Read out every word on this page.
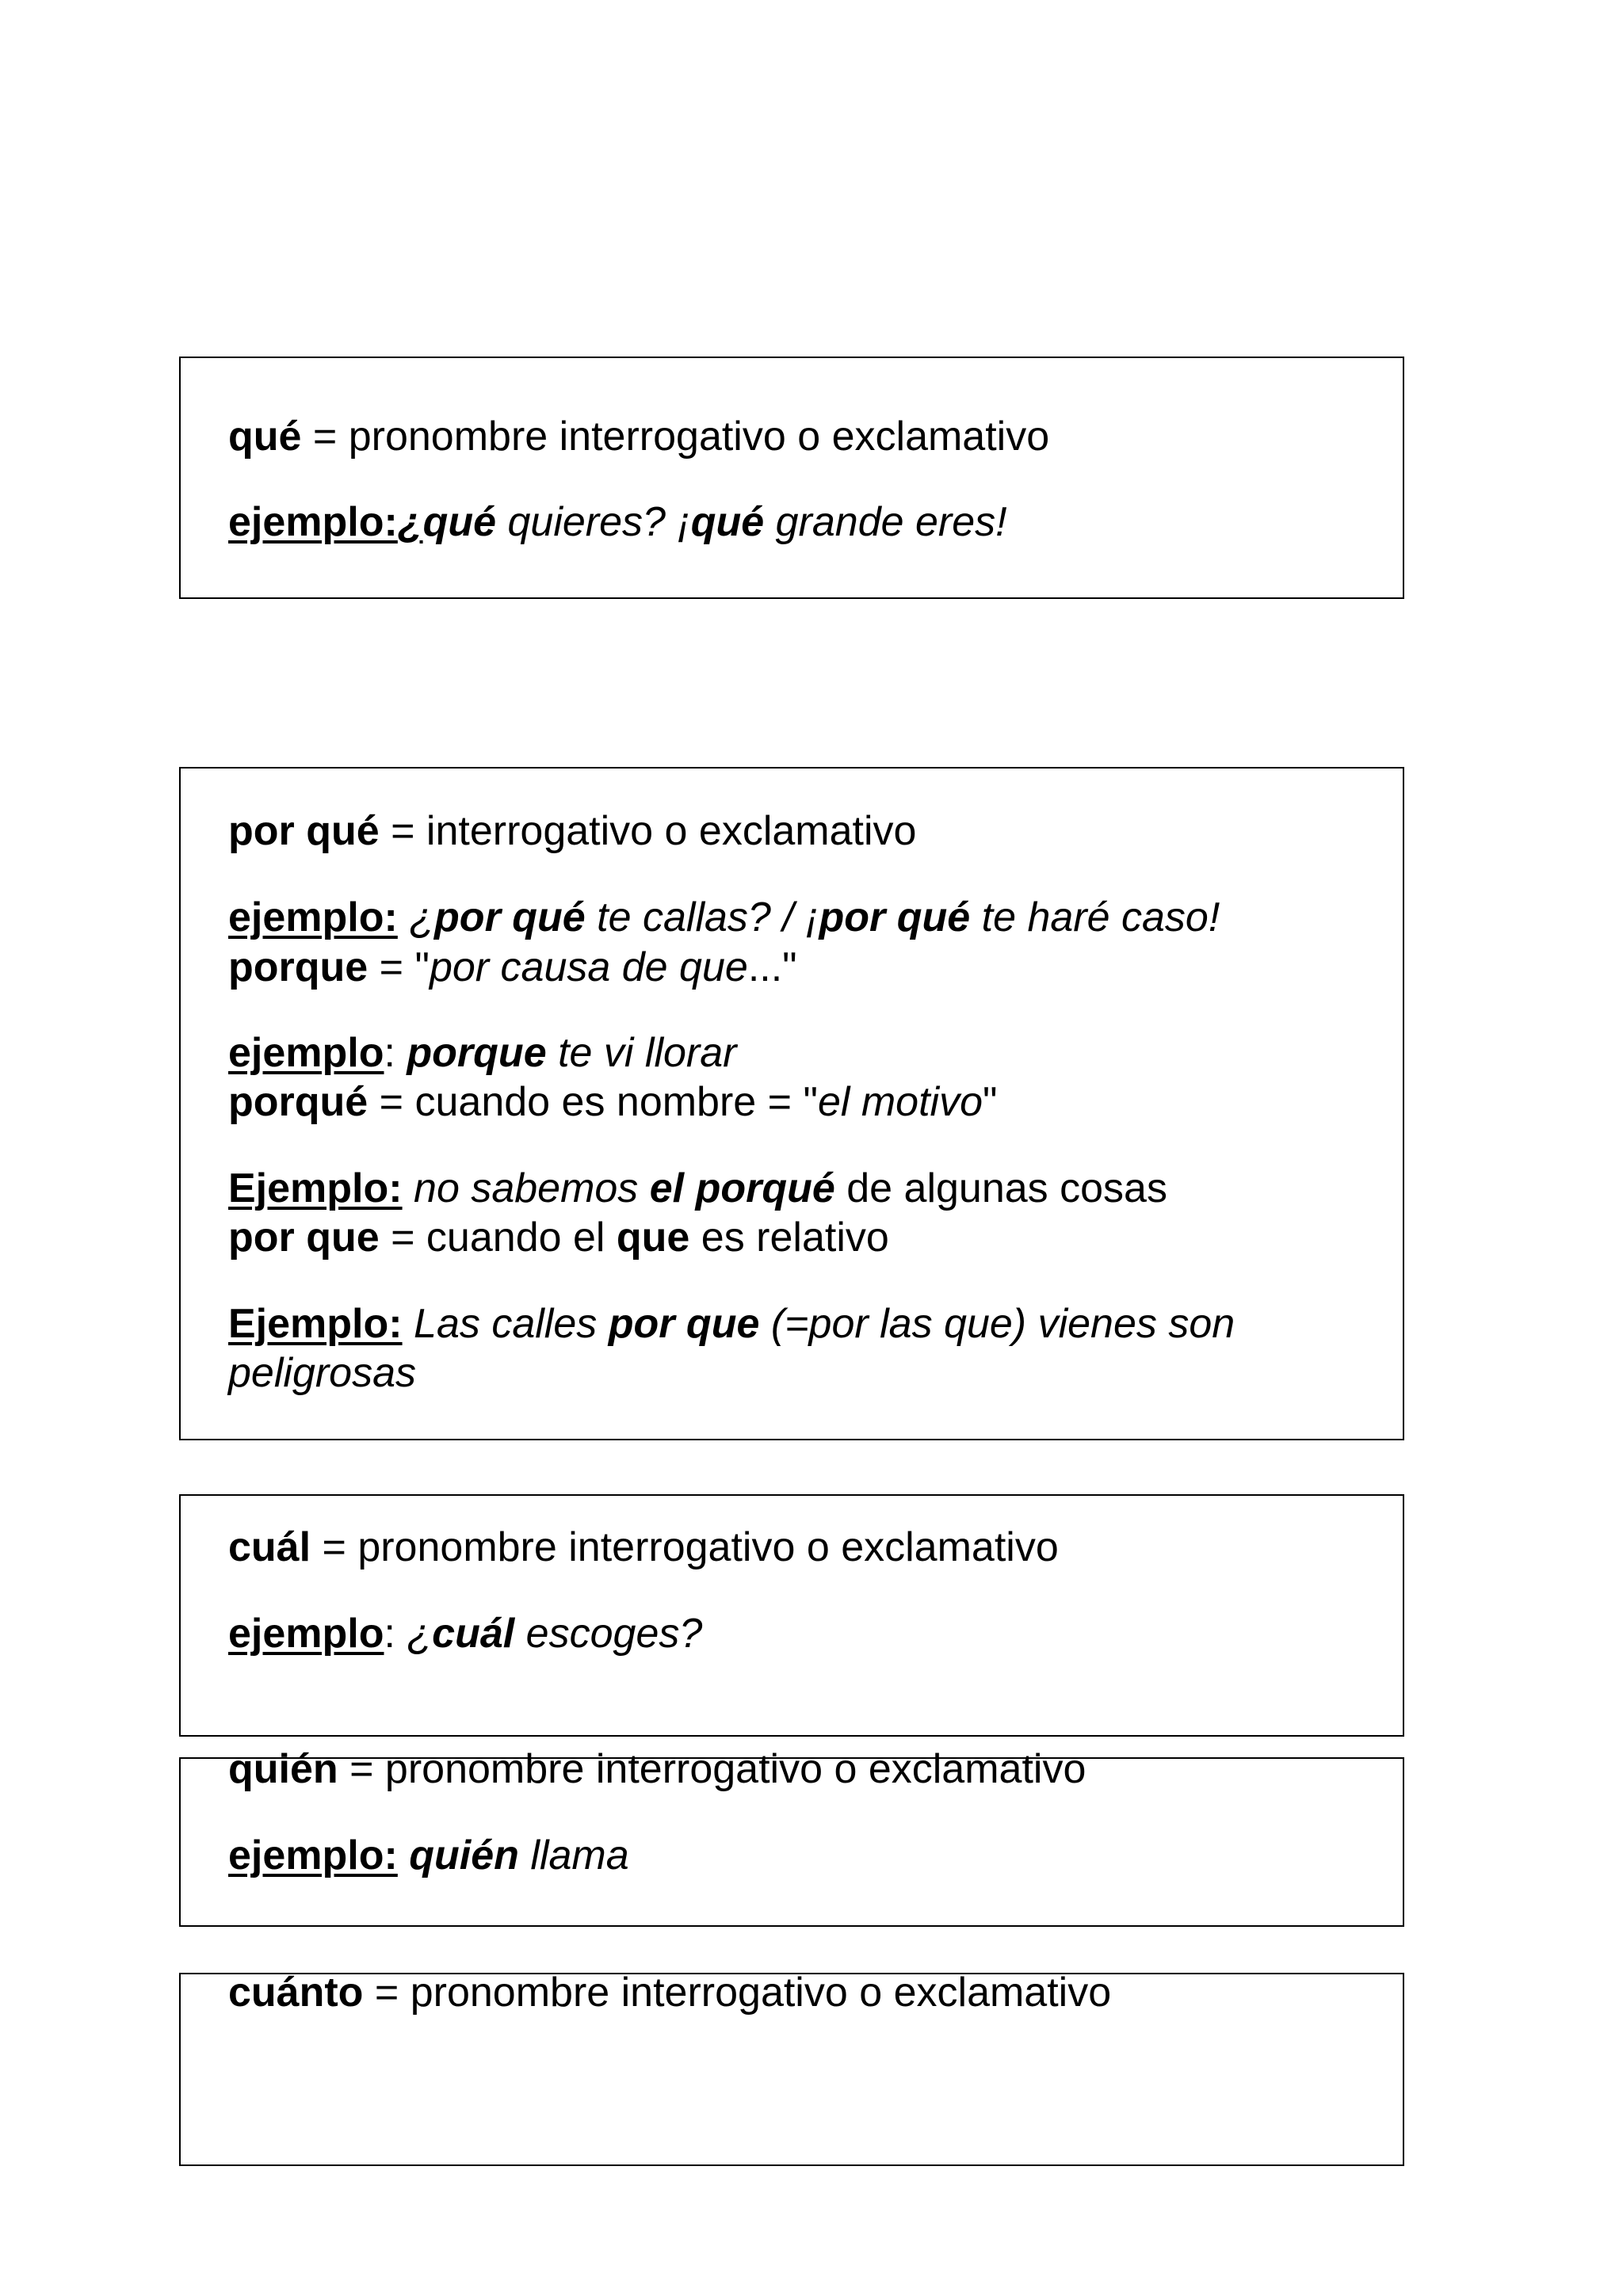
qué = pronombre interrogativo o exclamativo
ejemplo:¿qué quieres? ¡qué grande eres!
por qué = interrogativo o exclamativo
ejemplo: ¿por qué te callas? / ¡por qué te haré caso!
porque = "por causa de que..."
ejemplo: porque te vi llorar
porqué = cuando es nombre = "el motivo"
Ejemplo: no sabemos el porqué de algunas cosas
por que = cuando el que es relativo
Ejemplo: Las calles por que (=por las que) vienes son
peligrosas
cuál = pronombre interrogativo o exclamativo
ejemplo: ¿cuál escoges?
quién = pronombre interrogativo o exclamativo
ejemplo: quién llama
cuánto = pronombre interrogativo o exclamativo
